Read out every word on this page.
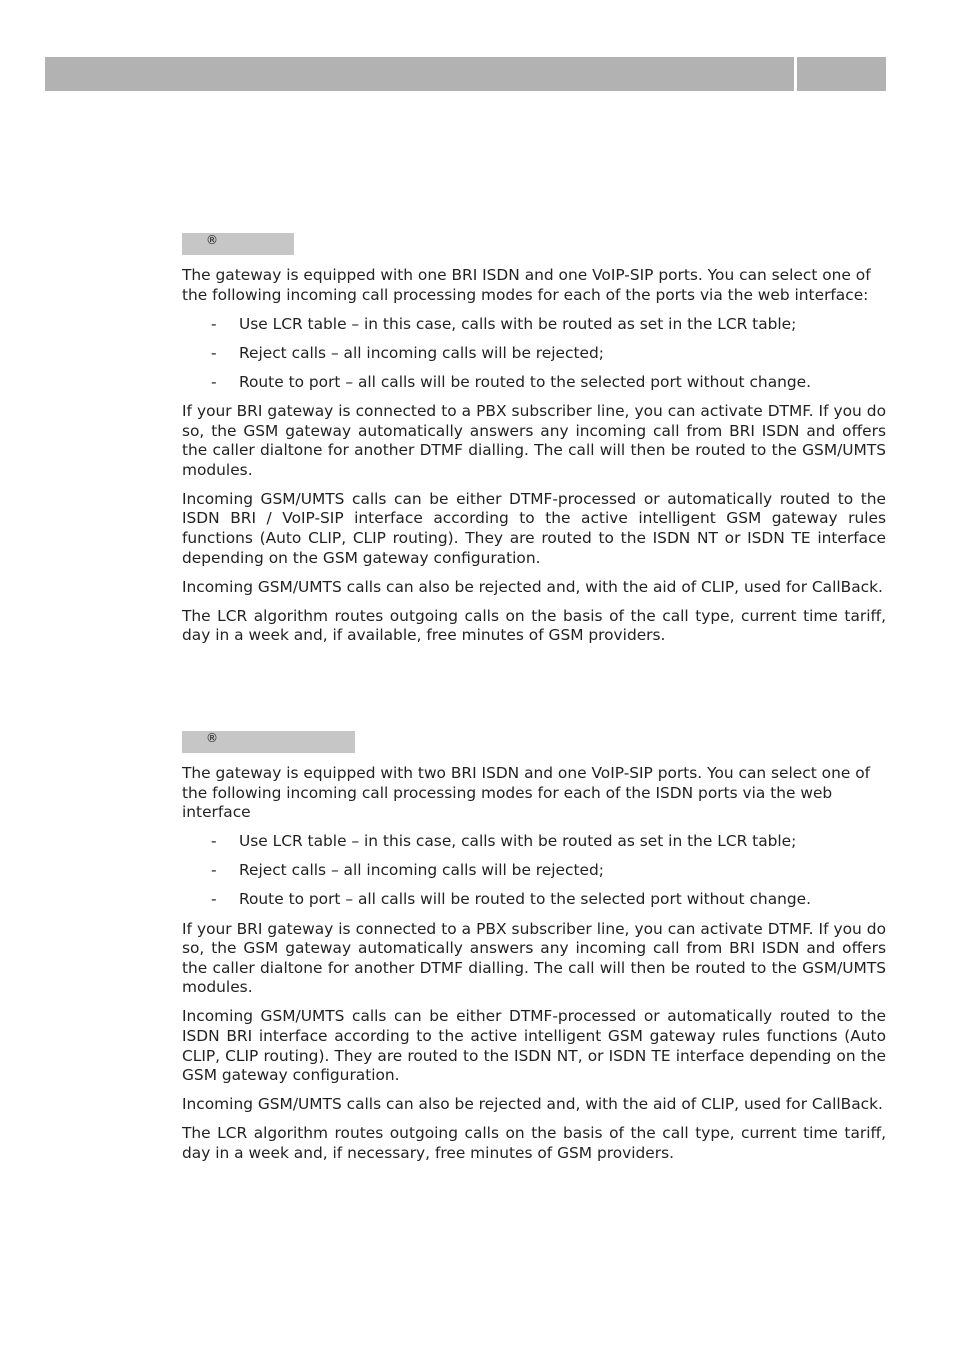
®

The gateway is equipped with one BRI ISDN and one VoIP-SIP ports. You can select one of the following incoming call processing modes for each of the ports via the web interface:

- Use LCR table – in this case, calls with be routed as set in the LCR table;
- Reject calls – all incoming calls will be rejected;
- Route to port – all calls will be routed to the selected port without change.

If your BRI gateway is connected to a PBX subscriber line, you can activate DTMF. If you do so, the GSM gateway automatically answers any incoming call from BRI ISDN and offers the caller dialtone for another DTMF dialling. The call will then be routed to the GSM/UMTS modules.

Incoming GSM/UMTS calls can be either DTMF-processed or automatically routed to the ISDN BRI / VoIP-SIP interface according to the active intelligent GSM gateway rules functions (Auto CLIP, CLIP routing). They are routed to the ISDN NT or ISDN TE interface depending on the GSM gateway configuration.

Incoming GSM/UMTS calls can also be rejected and, with the aid of CLIP, used for CallBack.

The LCR algorithm routes outgoing calls on the basis of the call type, current time tariff, day in a week and, if available, free minutes of GSM providers.

®

The gateway is equipped with two BRI ISDN and one VoIP-SIP ports. You can select one of the following incoming call processing modes for each of the ISDN ports via the web interface

- Use LCR table – in this case, calls with be routed as set in the LCR table;
- Reject calls – all incoming calls will be rejected;
- Route to port – all calls will be routed to the selected port without change.

If your BRI gateway is connected to a PBX subscriber line, you can activate DTMF. If you do so, the GSM gateway automatically answers any incoming call from BRI ISDN and offers the caller dialtone for another DTMF dialling. The call will then be routed to the GSM/UMTS modules.

Incoming GSM/UMTS calls can be either DTMF-processed or automatically routed to the ISDN BRI interface according to the active intelligent GSM gateway rules functions (Auto CLIP, CLIP routing). They are routed to the ISDN NT, or ISDN TE interface depending on the GSM gateway configuration.

Incoming GSM/UMTS calls can also be rejected and, with the aid of CLIP, used for CallBack.

The LCR algorithm routes outgoing calls on the basis of the call type, current time tariff, day in a week and, if necessary, free minutes of GSM providers.
